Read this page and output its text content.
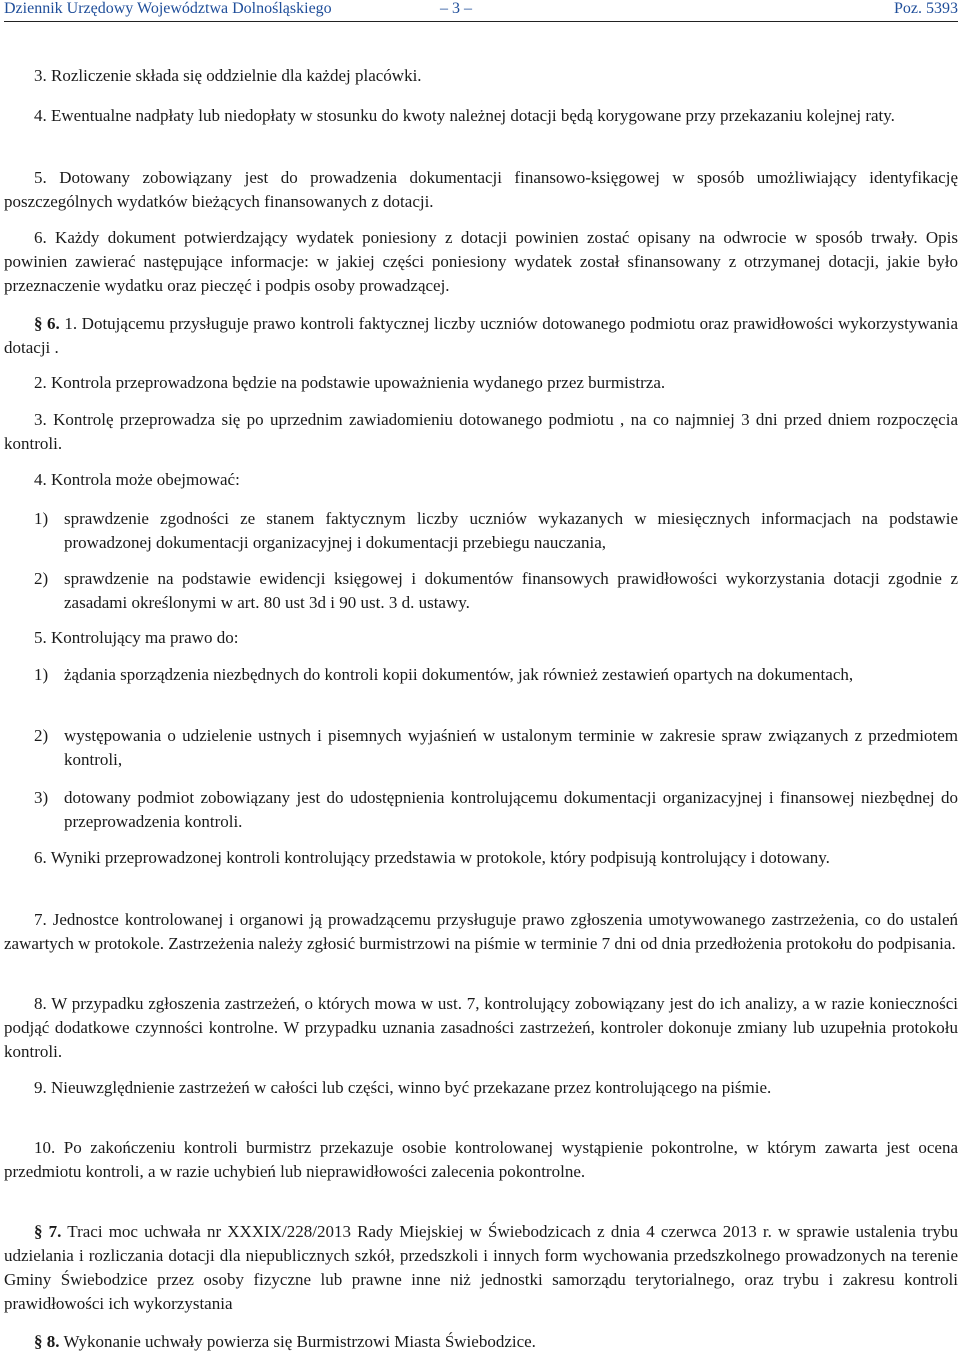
Dziennik Urzędowy Województwa Dolnośląskiego	– 3 –	Poz. 5393

3. Rozliczenie składa się oddzielnie dla każdej placówki.

4. Ewentualne nadpłaty lub niedopłaty w stosunku do kwoty należnej dotacji będą korygowane przy przekazaniu kolejnej raty.

5. Dotowany zobowiązany jest do prowadzenia dokumentacji finansowo-księgowej w sposób umożliwiający identyfikację poszczególnych wydatków bieżących finansowanych z dotacji.

6. Każdy dokument potwierdzający wydatek poniesiony z dotacji powinien zostać opisany na odwrocie w sposób trwały. Opis powinien zawierać następujące informacje: w jakiej części poniesiony wydatek został sfinansowany z otrzymanej dotacji, jakie było przeznaczenie wydatku oraz pieczęć i podpis osoby prowadzącej.

§ 6. 1. Dotującemu przysługuje prawo kontroli faktycznej liczby uczniów dotowanego podmiotu oraz prawidłowości wykorzystywania dotacji .

2. Kontrola przeprowadzona będzie na podstawie upoważnienia wydanego przez burmistrza.

3. Kontrolę przeprowadza się po uprzednim zawiadomieniu dotowanego podmiotu , na co najmniej 3 dni przed dniem rozpoczęcia kontroli.

4. Kontrola może obejmować:

1) sprawdzenie zgodności ze stanem faktycznym liczby uczniów wykazanych w miesięcznych informacjach na podstawie prowadzonej dokumentacji organizacyjnej i dokumentacji przebiegu nauczania,

2) sprawdzenie na podstawie ewidencji księgowej i dokumentów finansowych prawidłowości wykorzystania dotacji zgodnie z zasadami określonymi w art. 80 ust 3d i 90 ust. 3 d. ustawy.

5. Kontrolujący ma prawo do:

1) żądania sporządzenia niezbędnych do kontroli kopii dokumentów, jak również zestawień opartych na dokumentach,

2) występowania o udzielenie ustnych i pisemnych wyjaśnień w ustalonym terminie w zakresie spraw związanych z przedmiotem kontroli,

3) dotowany podmiot zobowiązany jest do udostępnienia kontrolującemu dokumentacji organizacyjnej i finansowej niezbędnej do przeprowadzenia kontroli.

6. Wyniki przeprowadzonej kontroli kontrolujący przedstawia w protokole, który podpisują kontrolujący i dotowany.

7. Jednostce kontrolowanej i organowi ją prowadzącemu przysługuje prawo zgłoszenia umotywowanego zastrzeżenia, co do ustaleń zawartych w protokole. Zastrzeżenia należy zgłosić burmistrzowi na piśmie w terminie 7 dni od dnia przedłożenia protokołu do podpisania.

8. W przypadku zgłoszenia zastrzeżeń, o których mowa w ust. 7, kontrolujący zobowiązany jest do ich analizy, a w razie konieczności podjąć dodatkowe czynności kontrolne. W przypadku uznania zasadności zastrzeżeń, kontroler dokonuje zmiany lub uzupełnia protokołu kontroli.

9. Nieuwzględnienie zastrzeżeń w całości lub części, winno być przekazane przez kontrolującego na piśmie.

10. Po zakończeniu kontroli burmistrz przekazuje osobie kontrolowanej wystąpienie pokontrolne, w którym zawarta jest ocena przedmiotu kontroli, a w razie uchybień lub nieprawidłowości zalecenia pokontrolne.

§ 7. Traci moc uchwała nr XXXIX/228/2013 Rady Miejskiej w Świebodzicach z dnia 4 czerwca 2013 r. w sprawie ustalenia trybu udzielania i rozliczania dotacji dla niepublicznych szkół, przedszkoli i innych form wychowania przedszkolnego prowadzonych na terenie Gminy Świebodzice przez osoby fizyczne lub prawne inne niż jednostki samorządu terytorialnego, oraz trybu i zakresu kontroli prawidłowości ich wykorzystania

§ 8. Wykonanie uchwały powierza się Burmistrzowi Miasta Świebodzice.
